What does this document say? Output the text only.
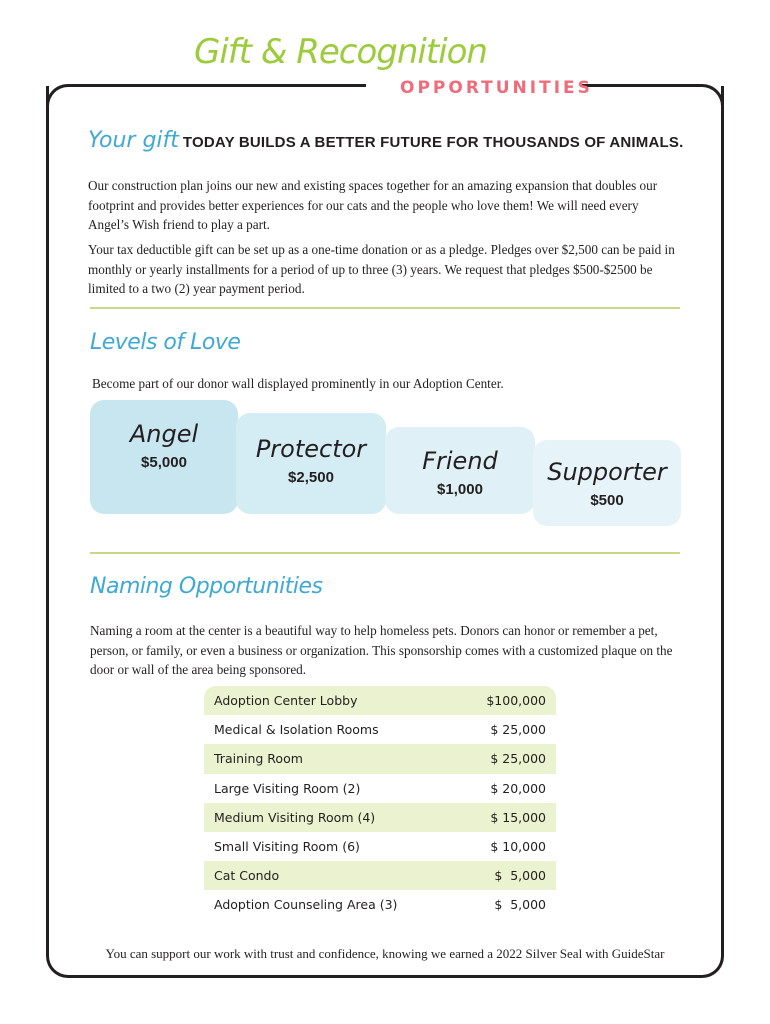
Gift & Recognition
OPPORTUNITIES
Your gift TODAY BUILDS A BETTER FUTURE FOR THOUSANDS OF ANIMALS.

Our construction plan joins our new and existing spaces together for an amazing expansion that doubles our footprint and provides better experiences for our cats and the people who love them! We will need every Angel’s Wish friend to play a part.

Your tax deductible gift can be set up as a one-time donation or as a pledge. Pledges over $2,500 can be paid in monthly or yearly installments for a period of up to three (3) years. We request that pledges $500-$2500 be limited to a two (2) year payment period.

Levels of Love

Become part of our donor wall displayed prominently in our Adoption Center.

Angel
$5,000	Protector
$2,500
Friend
$1,000
Supporter
$500
Naming Opportunities

Naming a room at the center is a beautiful way to help homeless pets. Donors can honor or remember a pet, person, or family, or even a business or organization. This sponsorship comes with a customized plaque on the door or wall of the area being sponsored.

Adoption Center Lobby	$100,000
Medical & Isolation Rooms	$ 25,000
Training Room	$ 25,000
Large Visiting Room (2)	$ 20,000
Medium Visiting Room (4)	$ 15,000
Small Visiting Room (6)	$ 10,000
Cat Condo	$  5,000
Adoption Counseling Area (3)	$  5,000

You can support our work with trust and confidence, knowing we earned a 2022 Silver Seal with GuideStar
